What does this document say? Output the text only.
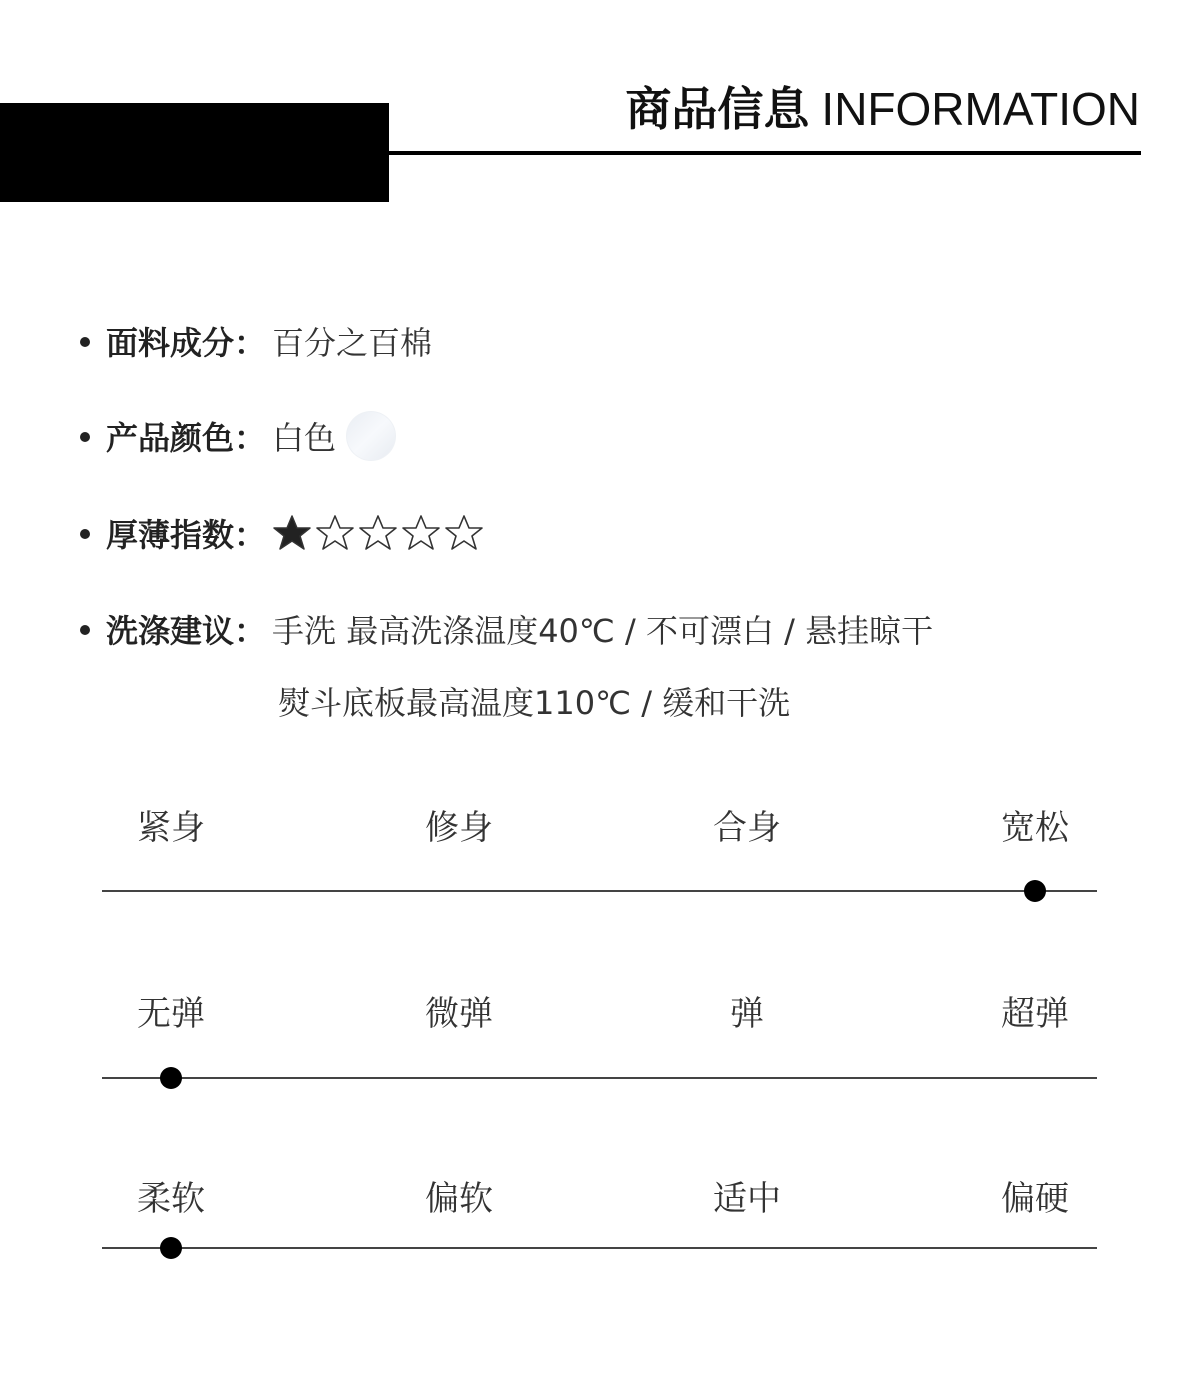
商品信息 INFORMATION
面料成分： 百分之百棉
产品颜色： 白色
厚薄指数：
洗涤建议： 手洗 最高洗涤温度40℃ / 不可漂白 / 悬挂晾干
熨斗底板最高温度110℃ / 缓和干洗
紧身	修身	合身	宽松
无弹	微弹	弹	超弹
柔软	偏软	适中	偏硬
